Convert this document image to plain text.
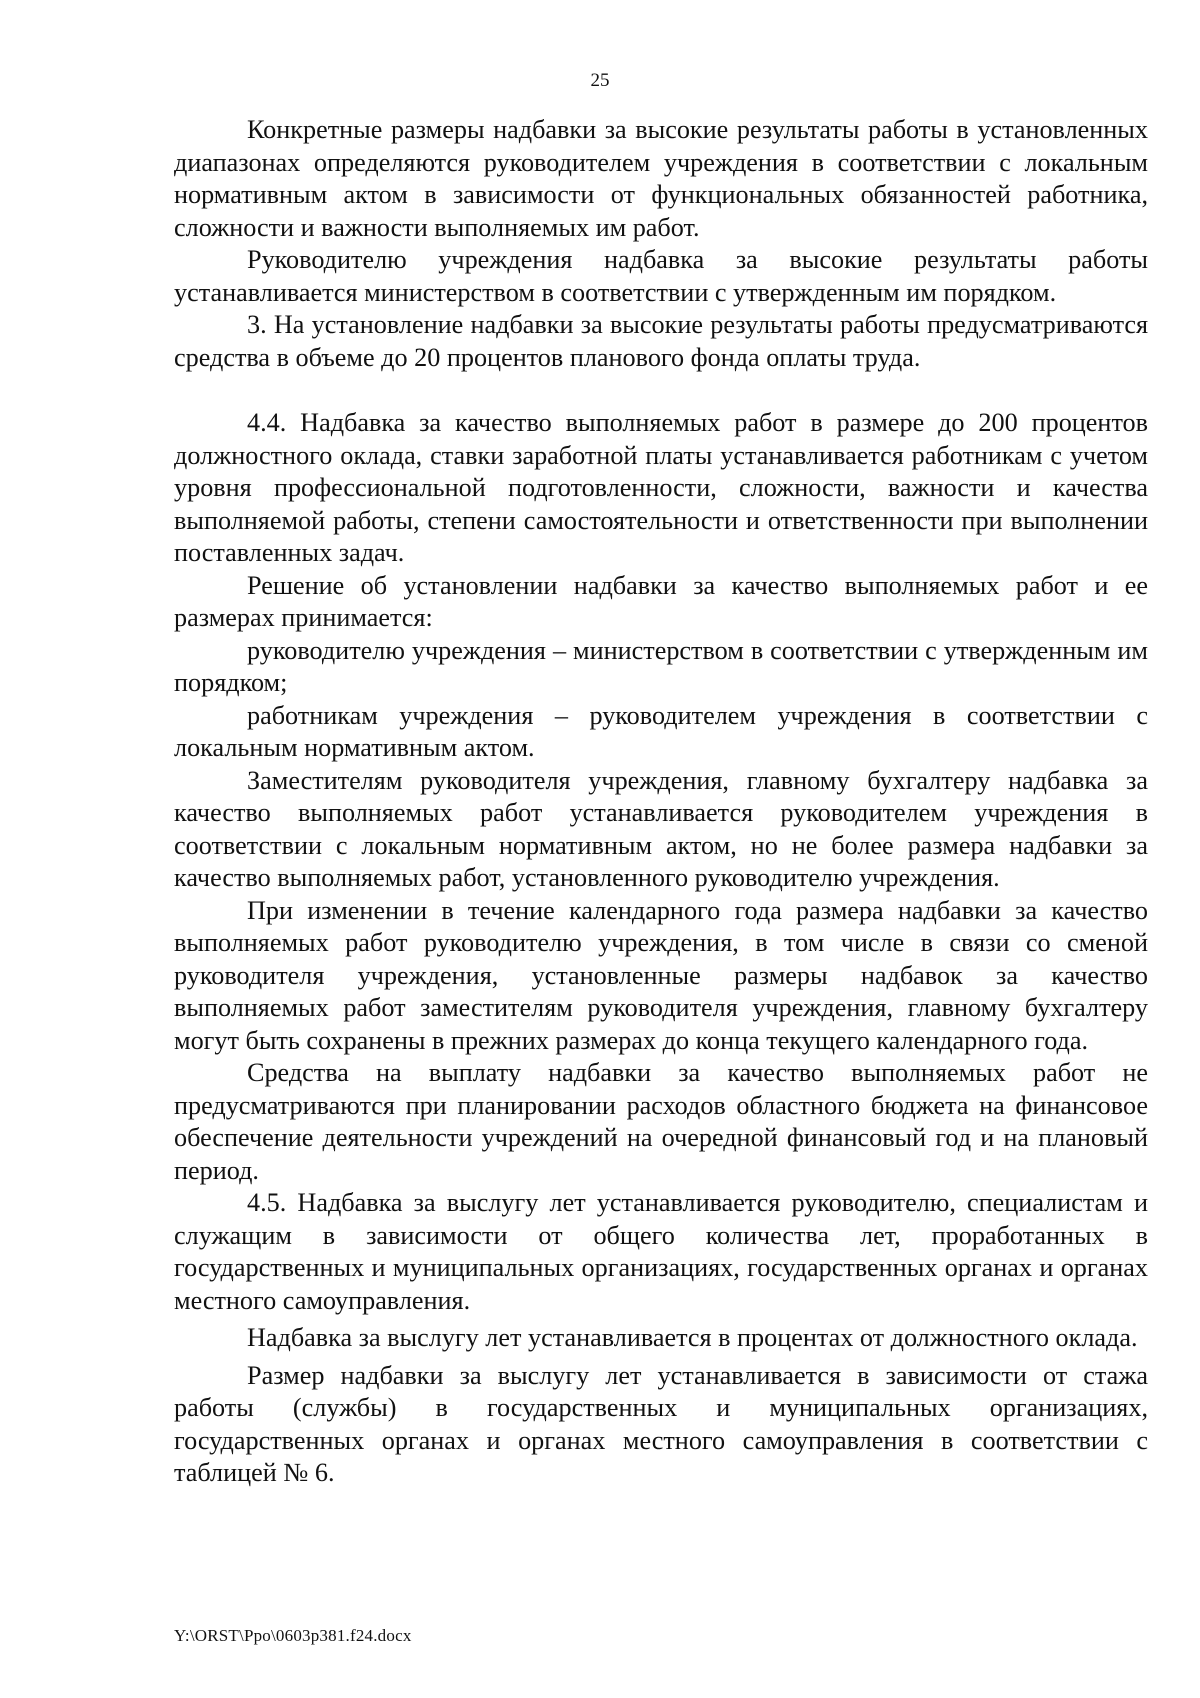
25

Конкретные размеры надбавки за высокие результаты работы в установленных диапазонах определяются руководителем учреждения в соответствии с локальным нормативным актом в зависимости от функциональных обязанностей работника, сложности и важности выполняемых им работ.

Руководителю учреждения надбавка за высокие результаты работы устанавливается министерством в соответствии с утвержденным им порядком.

3. На установление надбавки за высокие результаты работы предусматриваются средства в объеме до 20 процентов планового фонда оплаты труда.

4.4. Надбавка за качество выполняемых работ в размере до 200 процентов должностного оклада, ставки заработной платы устанавливается работникам с учетом уровня профессиональной подготовленности, сложности, важности и качества выполняемой работы, степени самостоятельности и ответственности при выполнении поставленных задач.

Решение об установлении надбавки за качество выполняемых работ и ее размерах принимается:

руководителю учреждения – министерством в соответствии с утвержденным им порядком;

работникам учреждения – руководителем учреждения в соответствии с локальным нормативным актом.

Заместителям руководителя учреждения, главному бухгалтеру надбавка за качество выполняемых работ устанавливается руководителем учреждения в соответствии с локальным нормативным актом, но не более размера надбавки за качество выполняемых работ, установленного руководителю учреждения.

При изменении в течение календарного года размера надбавки за качество выполняемых работ руководителю учреждения, в том числе в связи со сменой руководителя учреждения, установленные размеры надбавок за качество выполняемых работ заместителям руководителя учреждения, главному бухгалтеру могут быть сохранены в прежних размерах до конца текущего календарного года.

Средства на выплату надбавки за качество выполняемых работ не предусматриваются при планировании расходов областного бюджета на финансовое обеспечение деятельности учреждений на очередной финансовый год и на плановый период.

4.5. Надбавка за выслугу лет устанавливается руководителю, специалистам и служащим в зависимости от общего количества лет, проработанных в государственных и муниципальных организациях, государственных органах и органах местного самоуправления.

Надбавка за выслугу лет устанавливается в процентах от должностного оклада.

Размер надбавки за выслугу лет устанавливается в зависимости от стажа работы (службы) в государственных и муниципальных организациях, государственных органах и органах местного самоуправления в соответствии с таблицей № 6.

Y:\ORST\Ppo\0603p381.f24.docx
